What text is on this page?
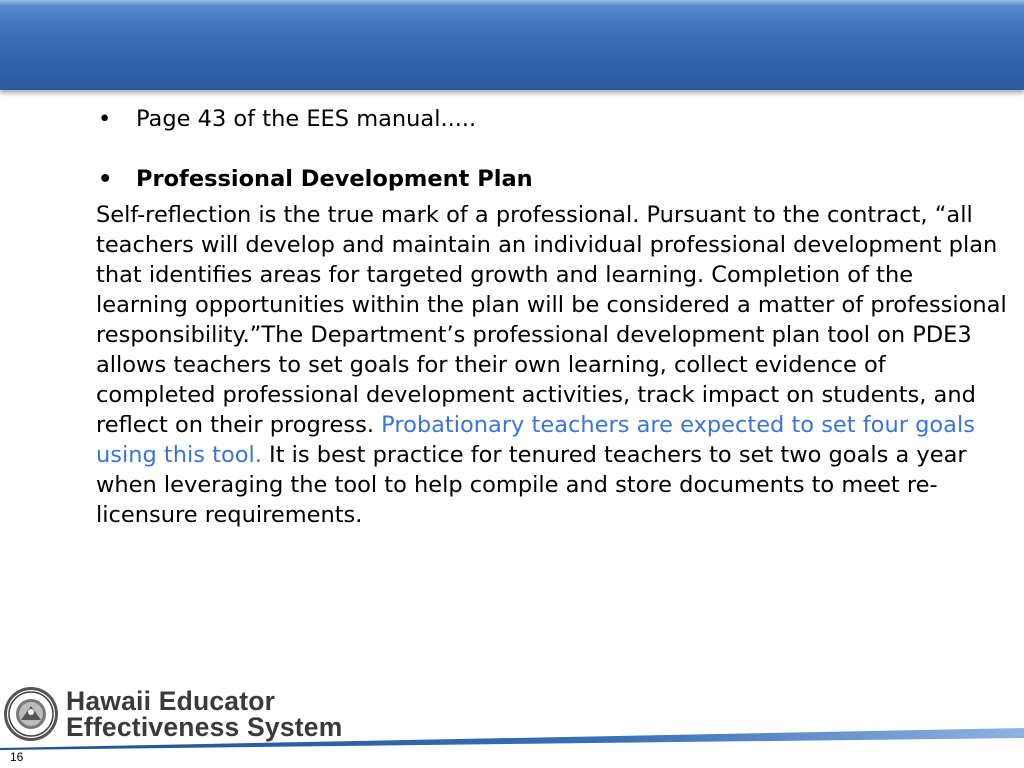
• Page 43 of the EES manual.....
• Professional Development Plan
Self-reflection is the true mark of a professional. Pursuant to the contract, “all teachers will develop and maintain an individual professional development plan that identifies areas for targeted growth and learning. Completion of the learning opportunities within the plan will be considered a matter of professional responsibility.”The Department’s professional development plan tool on PDE3 allows teachers to set goals for their own learning, collect evidence of completed professional development activities, track impact on students, and reflect on their progress. Probationary teachers are expected to set four goals using this tool. It is best practice for tenured teachers to set two goals a year when leveraging the tool to help compile and store documents to meet re-licensure requirements.
Hawaii Educator
Effectiveness System
16
